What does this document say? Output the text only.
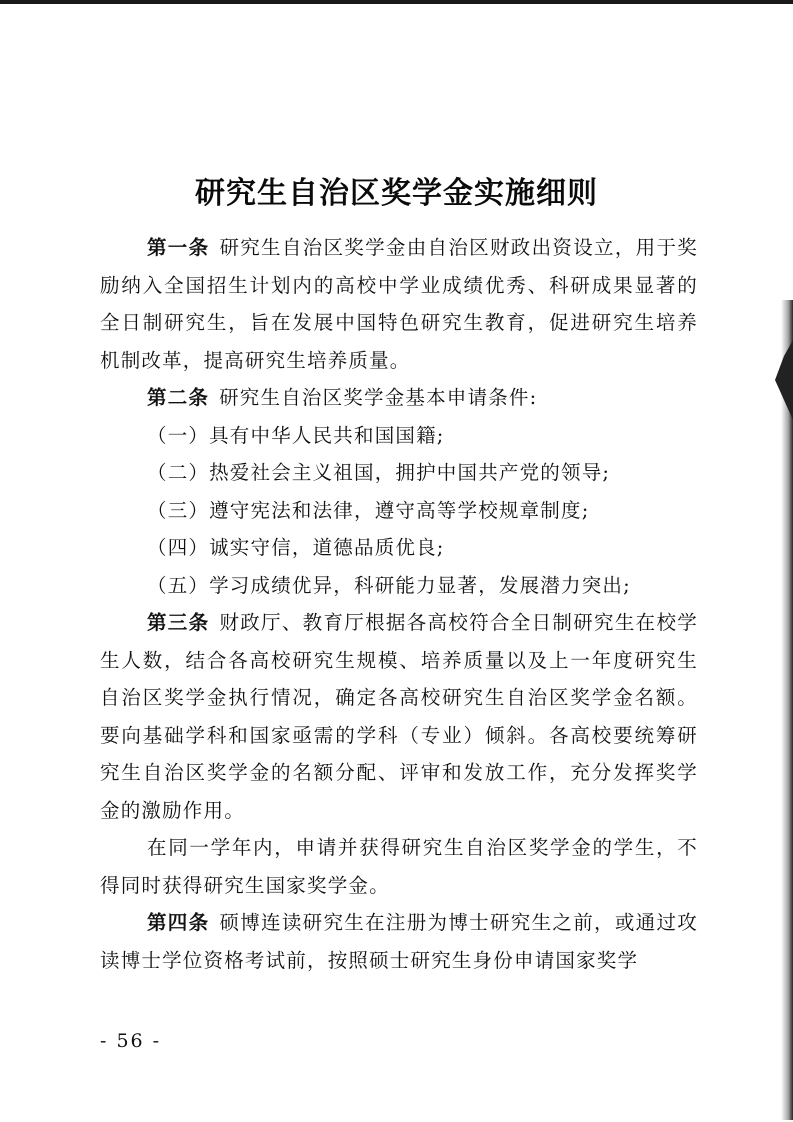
研究生自治区奖学金实施细则

第一条 研究生自治区奖学金由自治区财政出资设立，用于奖励纳入全国招生计划内的高校中学业成绩优秀、科研成果显著的全日制研究生，旨在发展中国特色研究生教育，促进研究生培养机制改革，提高研究生培养质量。

第二条 研究生自治区奖学金基本申请条件:

（一）具有中华人民共和国国籍;

（二）热爱社会主义祖国，拥护中国共产党的领导;

（三）遵守宪法和法律，遵守高等学校规章制度;

（四）诚实守信，道德品质优良;

（五）学习成绩优异，科研能力显著，发展潜力突出;

第三条 财政厅、教育厅根据各高校符合全日制研究生在校学生人数，结合各高校研究生规模、培养质量以及上一年度研究生自治区奖学金执行情况，确定各高校研究生自治区奖学金名额。要向基础学科和国家亟需的学科（专业）倾斜。各高校要统筹研究生自治区奖学金的名额分配、评审和发放工作，充分发挥奖学金的激励作用。

在同一学年内，申请并获得研究生自治区奖学金的学生，不得同时获得研究生国家奖学金。

第四条 硕博连读研究生在注册为博士研究生之前，或通过攻读博士学位资格考试前，按照硕士研究生身份申请国家奖学

- 56 -
